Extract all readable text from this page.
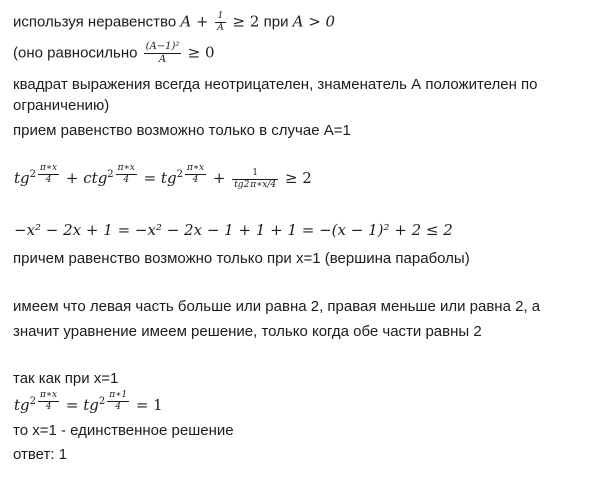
используя неравенство $A + \frac{1}{A} \ge 2$ при A > 0
(оно равносильно $\frac{\text{(A−1)²}}{A} \ge 0$
квадрат выражения всегда неотрицателен, знаменатель А положителен по
ограничению)
прием равенство возможно только в случае А=1
$tg^{2 \frac{\pi∗x}{4}} + ctg^{2 \frac{\pi∗x}{4}} = tg^{2 \frac{\pi∗x}{4}} + \frac{1}{tg2 \pi∗x/4} \ge 2$
−x² − 2x + 1 = −x² − 2x − 1 + 1 + 1 = −(x − 1)² + 2 ≤ 2
причем равенство возможно только при x=1 (вершина параболы)
имеем что левая часть больше или равна 2, правая меньше или равна 2, а
значит уравнение имеем решение, только когда обе части равны 2
так как при x=1
$tg^{2 \frac{\pi∗x}{4}} = tg^{2 \frac{\pi∗1}{4}} = 1$
то x=1 - единственное решение
ответ: 1
